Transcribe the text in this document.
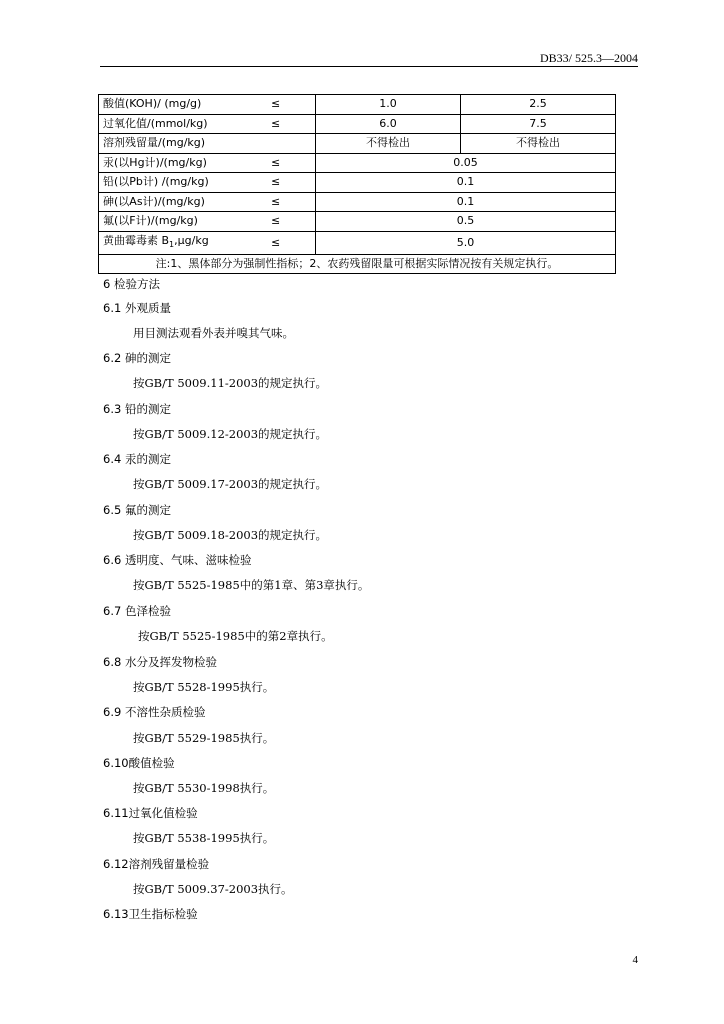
DB33/ 525.3—2004
酸值(KOH)/ (mg/g)	≤	1.0	2.5
过氧化值/(mmol/kg)	≤	6.0	7.5
溶剂残留量/(mg/kg)		不得检出	不得检出
汞(以Hg计)/(mg/kg)	≤	0.05	
铅(以Pb计) /(mg/kg)	≤	0.1	
砷(以As计)/(mg/kg)	≤	0.1	
氟(以F计)/(mg/kg)	≤	0.5	
黄曲霉毒素 $B_1,\mu g/kg$	≤	5.0	
注:1、黑体部分为强制性指标；2、农药残留限量可根据实际情况按有关规定执行。			
6 检验方法
6.1 外观质量
用目测法观看外表并嗅其气味。
6.2 砷的测定
按GB/T 5009.11-2003的规定执行。
6.3 铅的测定
按GB/T 5009.12-2003的规定执行。
6.4 汞的测定
按GB/T 5009.17-2003的规定执行。
6.5 氟的测定
按GB/T 5009.18-2003的规定执行。
6.6 透明度、气味、滋味检验
按GB/T 5525-1985中的第1章、第3章执行。
6.7 色泽检验
按GB/T 5525-1985中的第2章执行。
6.8 水分及挥发物检验
按GB/T 5528-1995执行。
6.9 不溶性杂质检验
按GB/T 5529-1985执行。
6.10酸值检验
按GB/T 5530-1998执行。
6.11过氧化值检验
按GB/T 5538-1995执行。
6.12溶剂残留量检验
按GB/T 5009.37-2003执行。
6.13卫生指标检验
4
